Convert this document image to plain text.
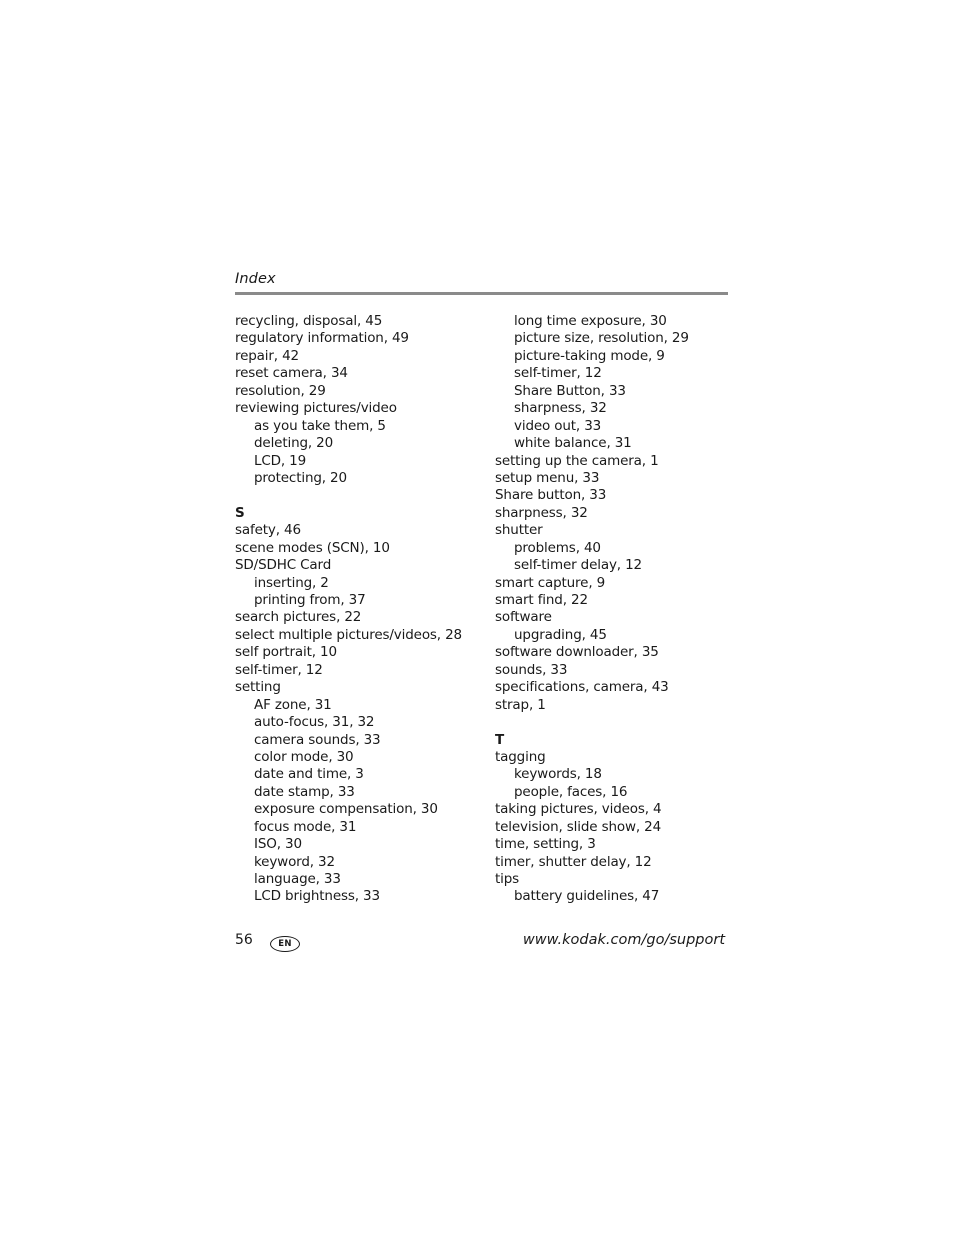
Index
recycling, disposal, 45
regulatory information, 49
repair, 42
reset camera, 34
resolution, 29
reviewing pictures/video
as you take them, 5
deleting, 20
LCD, 19
protecting, 20
S
safety, 46
scene modes (SCN), 10
SD/SDHC Card
inserting, 2
printing from, 37
search pictures, 22
select multiple pictures/videos, 28
self portrait, 10
self-timer, 12
setting
AF zone, 31
auto-focus, 31, 32
camera sounds, 33
color mode, 30
date and time, 3
date stamp, 33
exposure compensation, 30
focus mode, 31
ISO, 30
keyword, 32
language, 33
LCD brightness, 33
long time exposure, 30
picture size, resolution, 29
picture-taking mode, 9
self-timer, 12
Share Button, 33
sharpness, 32
video out, 33
white balance, 31
setting up the camera, 1
setup menu, 33
Share button, 33
sharpness, 32
shutter
problems, 40
self-timer delay, 12
smart capture, 9
smart find, 22
software
upgrading, 45
software downloader, 35
sounds, 33
specifications, camera, 43
strap, 1
T
tagging
keywords, 18
people, faces, 16
taking pictures, videos, 4
television, slide show, 24
time, setting, 3
timer, shutter delay, 12
tips
battery guidelines, 47
56	EN	www.kodak.com/go/support
